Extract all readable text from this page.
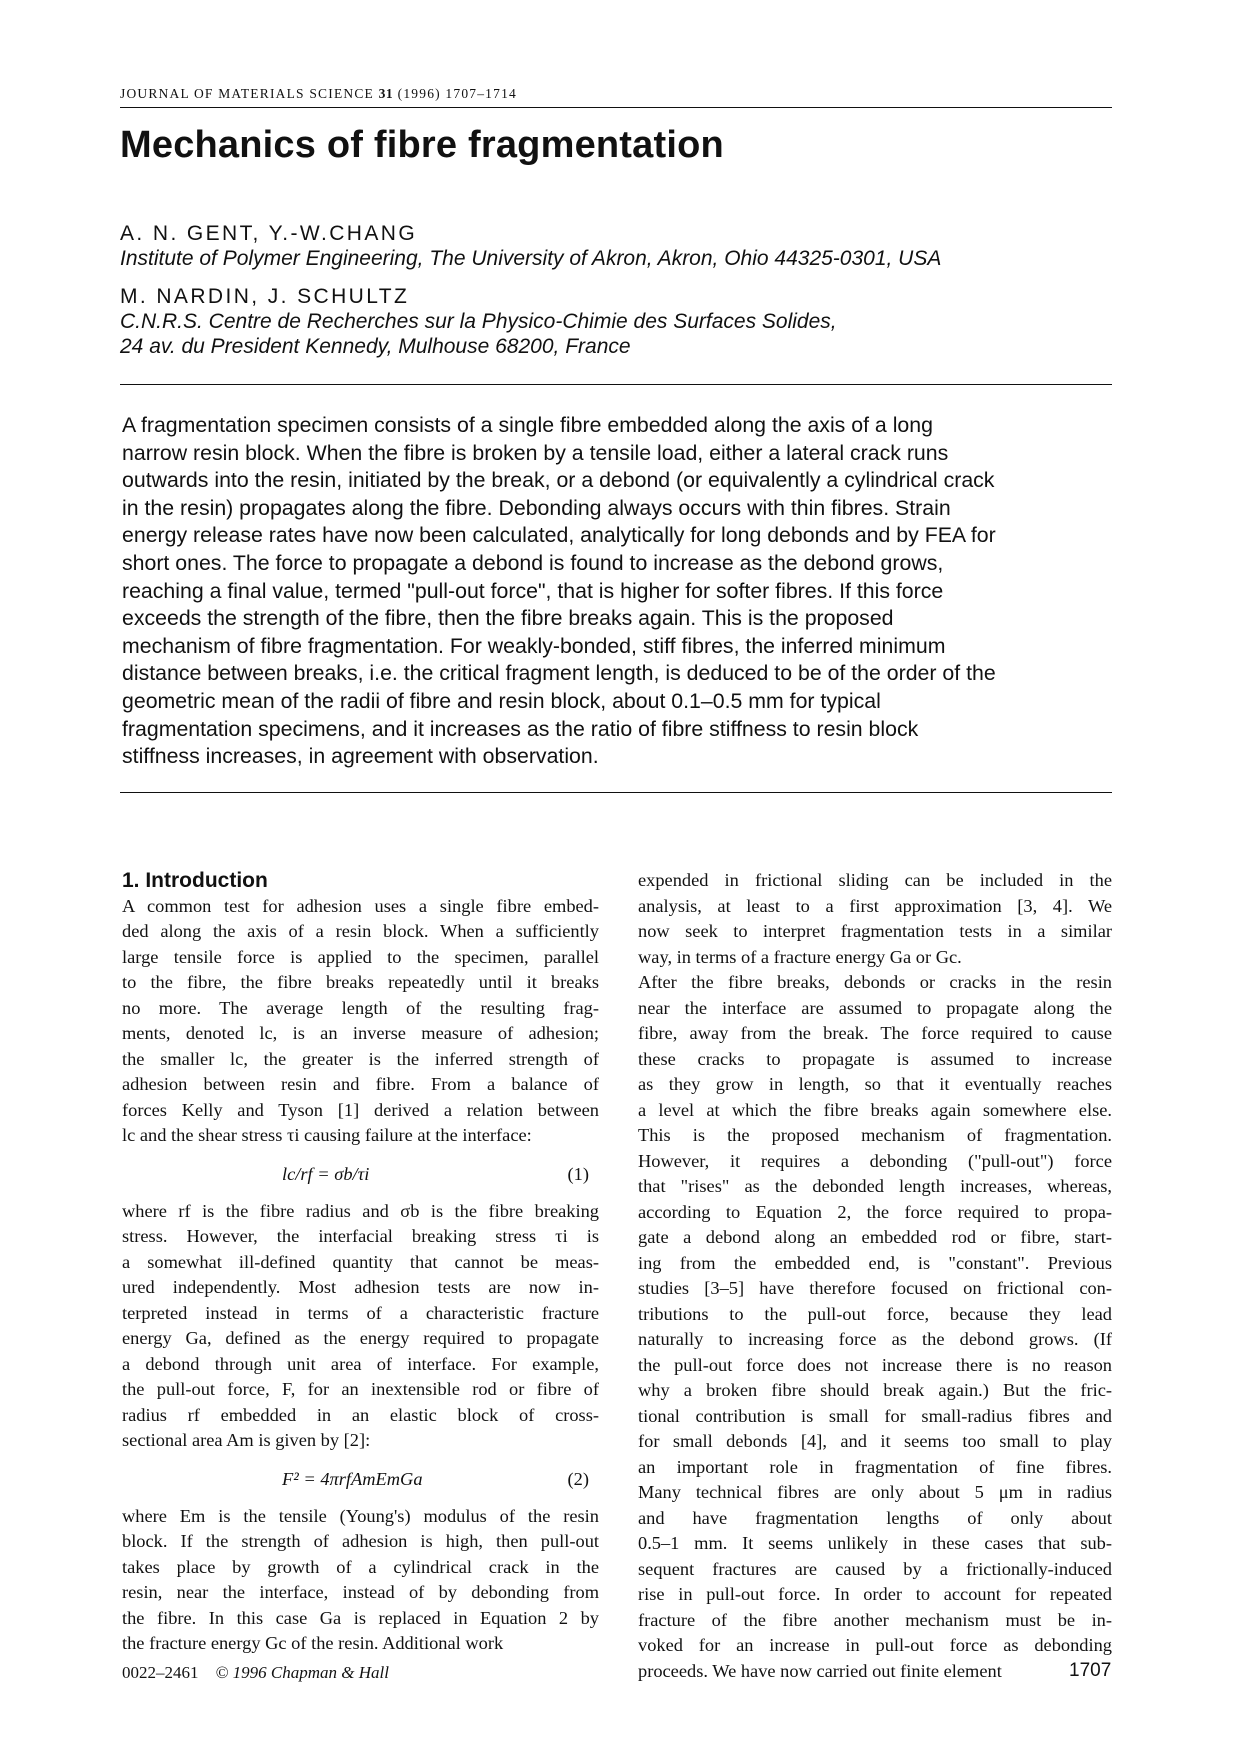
JOURNAL OF MATERIALS SCIENCE 31 (1996) 1707–1714
Mechanics of fibre fragmentation
A. N. GENT, Y.-W.CHANG
Institute of Polymer Engineering, The University of Akron, Akron, Ohio 44325-0301, USA
M. NARDIN, J. SCHULTZ
C.N.R.S. Centre de Recherches sur la Physico-Chimie des Surfaces Solides,
24 av. du President Kennedy, Mulhouse 68200, France
A fragmentation specimen consists of a single fibre embedded along the axis of a long
narrow resin block. When the fibre is broken by a tensile load, either a lateral crack runs
outwards into the resin, initiated by the break, or a debond (or equivalently a cylindrical crack
in the resin) propagates along the fibre. Debonding always occurs with thin fibres. Strain
energy release rates have now been calculated, analytically for long debonds and by FEA for
short ones. The force to propagate a debond is found to increase as the debond grows,
reaching a final value, termed "pull-out force", that is higher for softer fibres. If this force
exceeds the strength of the fibre, then the fibre breaks again. This is the proposed
mechanism of fibre fragmentation. For weakly-bonded, stiff fibres, the inferred minimum
distance between breaks, i.e. the critical fragment length, is deduced to be of the order of the
geometric mean of the radii of fibre and resin block, about 0.1–0.5 mm for typical
fragmentation specimens, and it increases as the ratio of fibre stiffness to resin block
stiffness increases, in agreement with observation.
1. Introduction
A common test for adhesion uses a single fibre embed-
ded along the axis of a resin block. When a sufficiently
large tensile force is applied to the specimen, parallel
to the fibre, the fibre breaks repeatedly until it breaks
no more. The average length of the resulting frag-
ments, denoted lc, is an inverse measure of adhesion;
the smaller lc, the greater is the inferred strength of
adhesion between resin and fibre. From a balance of
forces Kelly and Tyson [1] derived a relation between
lc and the shear stress τi causing failure at the interface:
lc/rf = σb/τi	(1)
where rf is the fibre radius and σb is the fibre breaking
stress. However, the interfacial breaking stress τi is
a somewhat ill-defined quantity that cannot be meas-
ured independently. Most adhesion tests are now in-
terpreted instead in terms of a characteristic fracture
energy Ga, defined as the energy required to propagate
a debond through unit area of interface. For example,
the pull-out force, F, for an inextensible rod or fibre of
radius rf embedded in an elastic block of cross-
sectional area Am is given by [2]:
F² = 4πrfAmEmGa	(2)
where Em is the tensile (Young's) modulus of the resin
block. If the strength of adhesion is high, then pull-out
takes place by growth of a cylindrical crack in the
resin, near the interface, instead of by debonding from
the fibre. In this case Ga is replaced in Equation 2 by
the fracture energy Gc of the resin. Additional work
expended in frictional sliding can be included in the
analysis, at least to a first approximation [3, 4]. We
now seek to interpret fragmentation tests in a similar
way, in terms of a fracture energy Ga or Gc.
After the fibre breaks, debonds or cracks in the resin
near the interface are assumed to propagate along the
fibre, away from the break. The force required to cause
these cracks to propagate is assumed to increase
as they grow in length, so that it eventually reaches
a level at which the fibre breaks again somewhere else.
This is the proposed mechanism of fragmentation.
However, it requires a debonding ("pull-out") force
that "rises" as the debonded length increases, whereas,
according to Equation 2, the force required to propa-
gate a debond along an embedded rod or fibre, start-
ing from the embedded end, is "constant". Previous
studies [3–5] have therefore focused on frictional con-
tributions to the pull-out force, because they lead
naturally to increasing force as the debond grows. (If
the pull-out force does not increase there is no reason
why a broken fibre should break again.) But the fric-
tional contribution is small for small-radius fibres and
for small debonds [4], and it seems too small to play
an important role in fragmentation of fine fibres.
Many technical fibres are only about 5 μm in radius
and have fragmentation lengths of only about
0.5–1 mm. It seems unlikely in these cases that sub-
sequent fractures are caused by a frictionally-induced
rise in pull-out force. In order to account for repeated
fracture of the fibre another mechanism must be in-
voked for an increase in pull-out force as debonding
proceeds. We have now carried out finite element
0022–2461 © 1996 Chapman & Hall	1707
